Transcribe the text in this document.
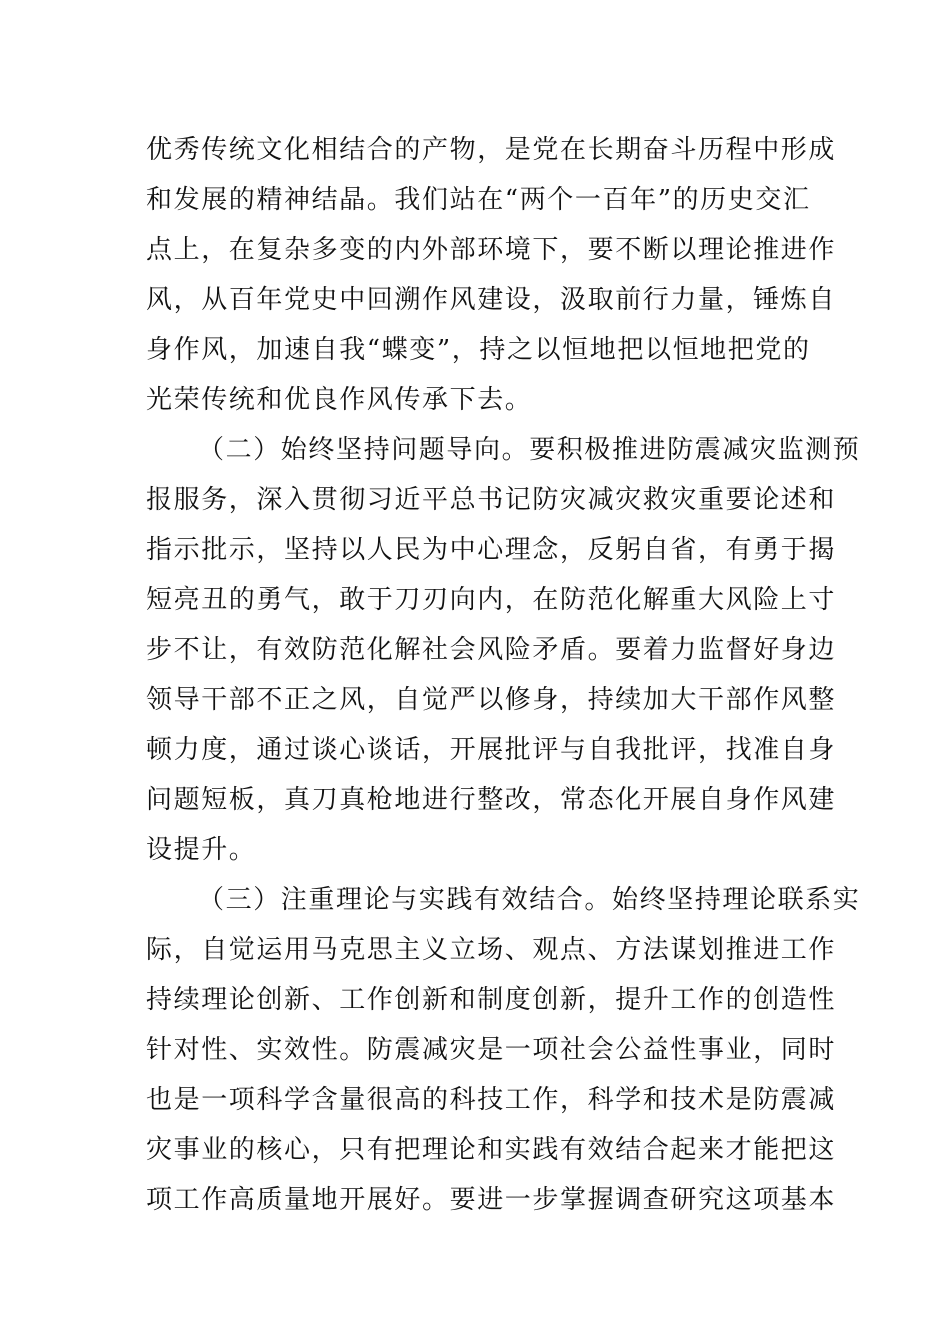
优秀传统文化相结合的产物，是党在长期奋斗历程中形成

和发展的精神结晶。我们站在“两个一百年”的历史交汇

点上，在复杂多变的内外部环境下，要不断以理论推进作

风，从百年党史中回溯作风建设，汲取前行力量，锤炼自

身作风，加速自我“蝶变”，持之以恒地把以恒地把党的

光荣传统和优良作风传承下去。

（二）始终坚持问题导向。要积极推进防震减灾监测预

报服务，深入贯彻习近平总书记防灾减灾救灾重要论述和

指示批示，坚持以人民为中心理念，反躬自省，有勇于揭

短亮丑的勇气，敢于刀刃向内，在防范化解重大风险上寸

步不让，有效防范化解社会风险矛盾。要着力监督好身边

领导干部不正之风，自觉严以修身，持续加大干部作风整

顿力度，通过谈心谈话，开展批评与自我批评，找准自身

问题短板，真刀真枪地进行整改，常态化开展自身作风建

设提升。

（三）注重理论与实践有效结合。始终坚持理论联系实

际，自觉运用马克思主义立场、观点、方法谋划推进工作

持续理论创新、工作创新和制度创新，提升工作的创造性

针对性、实效性。防震减灾是一项社会公益性事业，同时

也是一项科学含量很高的科技工作，科学和技术是防震减

灾事业的核心，只有把理论和实践有效结合起来才能把这

项工作高质量地开展好。要进一步掌握调查研究这项基本
